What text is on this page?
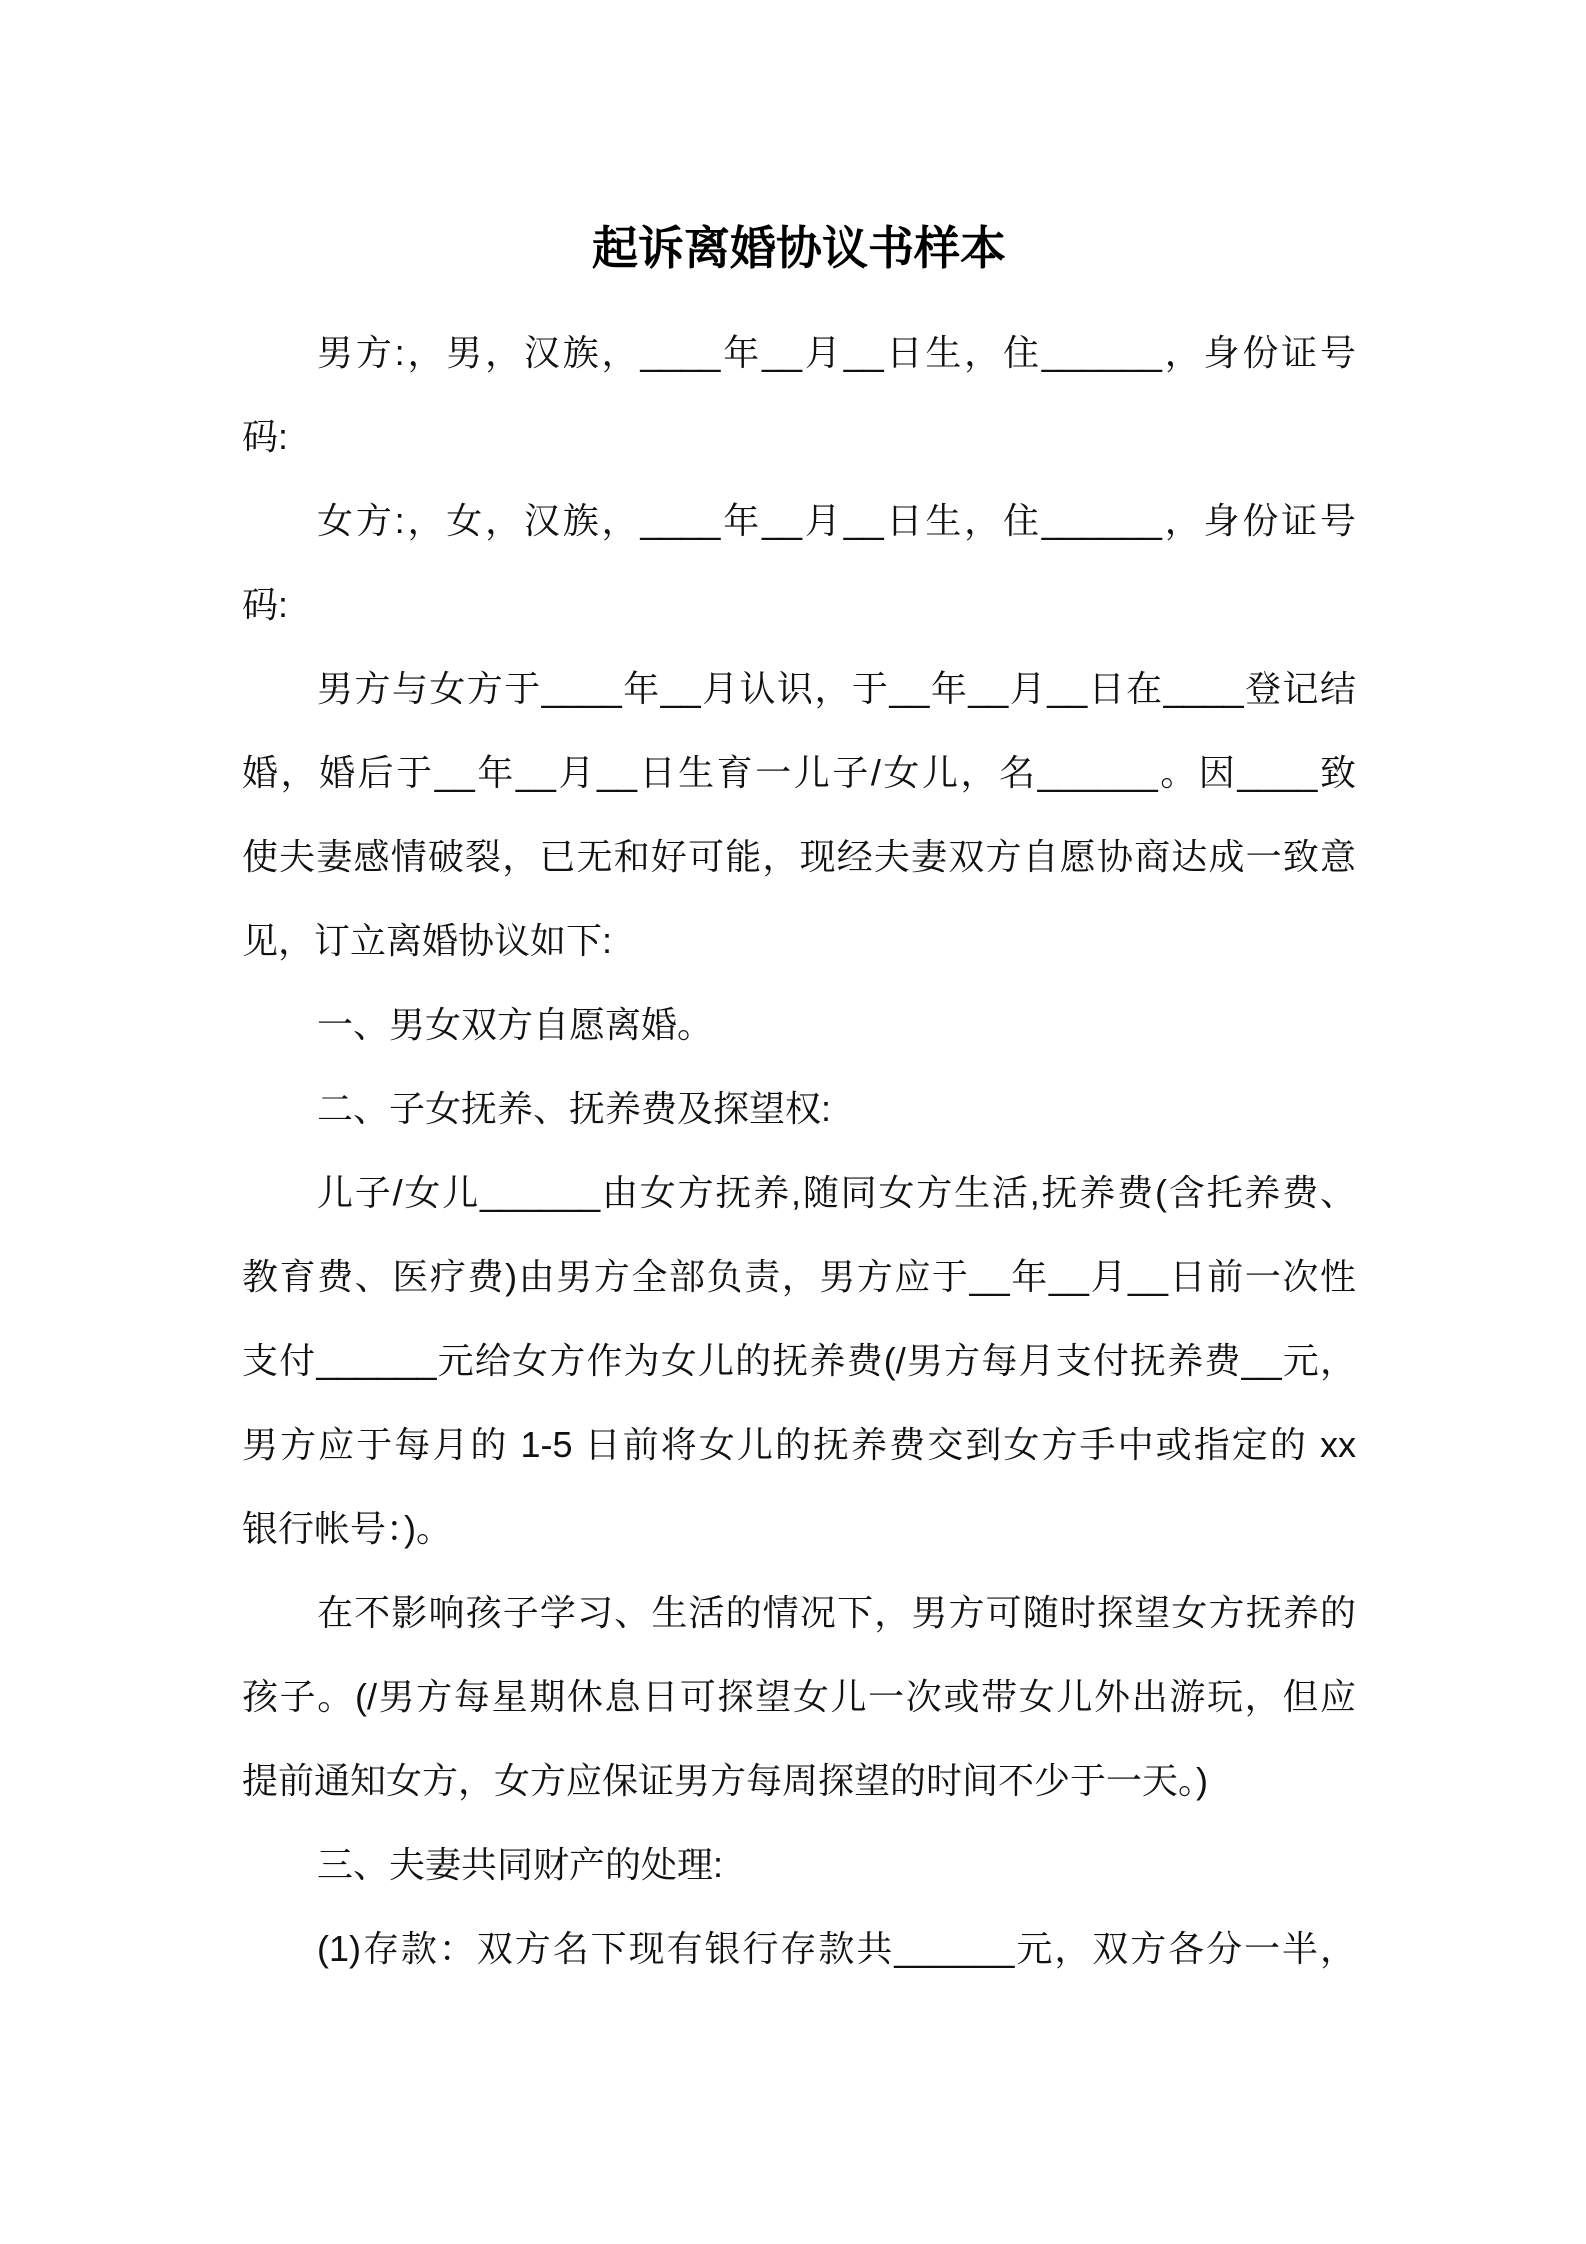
起诉离婚协议书样本
男方:，男，汉族，____年__月__日生，住______，身份证号
码:
女方:，女，汉族，____年__月__日生，住______，身份证号
码:
男方与女方于____年__月认识，于__年__月__日在____登记结
婚，婚后于__年__月__日生育一儿子/女儿，名______。因____致
使夫妻感情破裂，已无和好可能，现经夫妻双方自愿协商达成一致意
见，订立离婚协议如下:
一、男女双方自愿离婚。
二、子女抚养、抚养费及探望权:
儿子/女儿______由女方抚养,随同女方生活,抚养费(含托养费、
教育费、医疗费)由男方全部负责，男方应于__年__月__日前一次性
支付______元给女方作为女儿的抚养费(/男方每月支付抚养费__元，
男方应于每月的 1-5 日前将女儿的抚养费交到女方手中或指定的 xx
银行帐号：)。
在不影响孩子学习、生活的情况下，男方可随时探望女方抚养的
孩子。(/男方每星期休息日可探望女儿一次或带女儿外出游玩，但应
提前通知女方，女方应保证男方每周探望的时间不少于一天。)
三、夫妻共同财产的处理:
(1)存款：双方名下现有银行存款共______元，双方各分一半，
